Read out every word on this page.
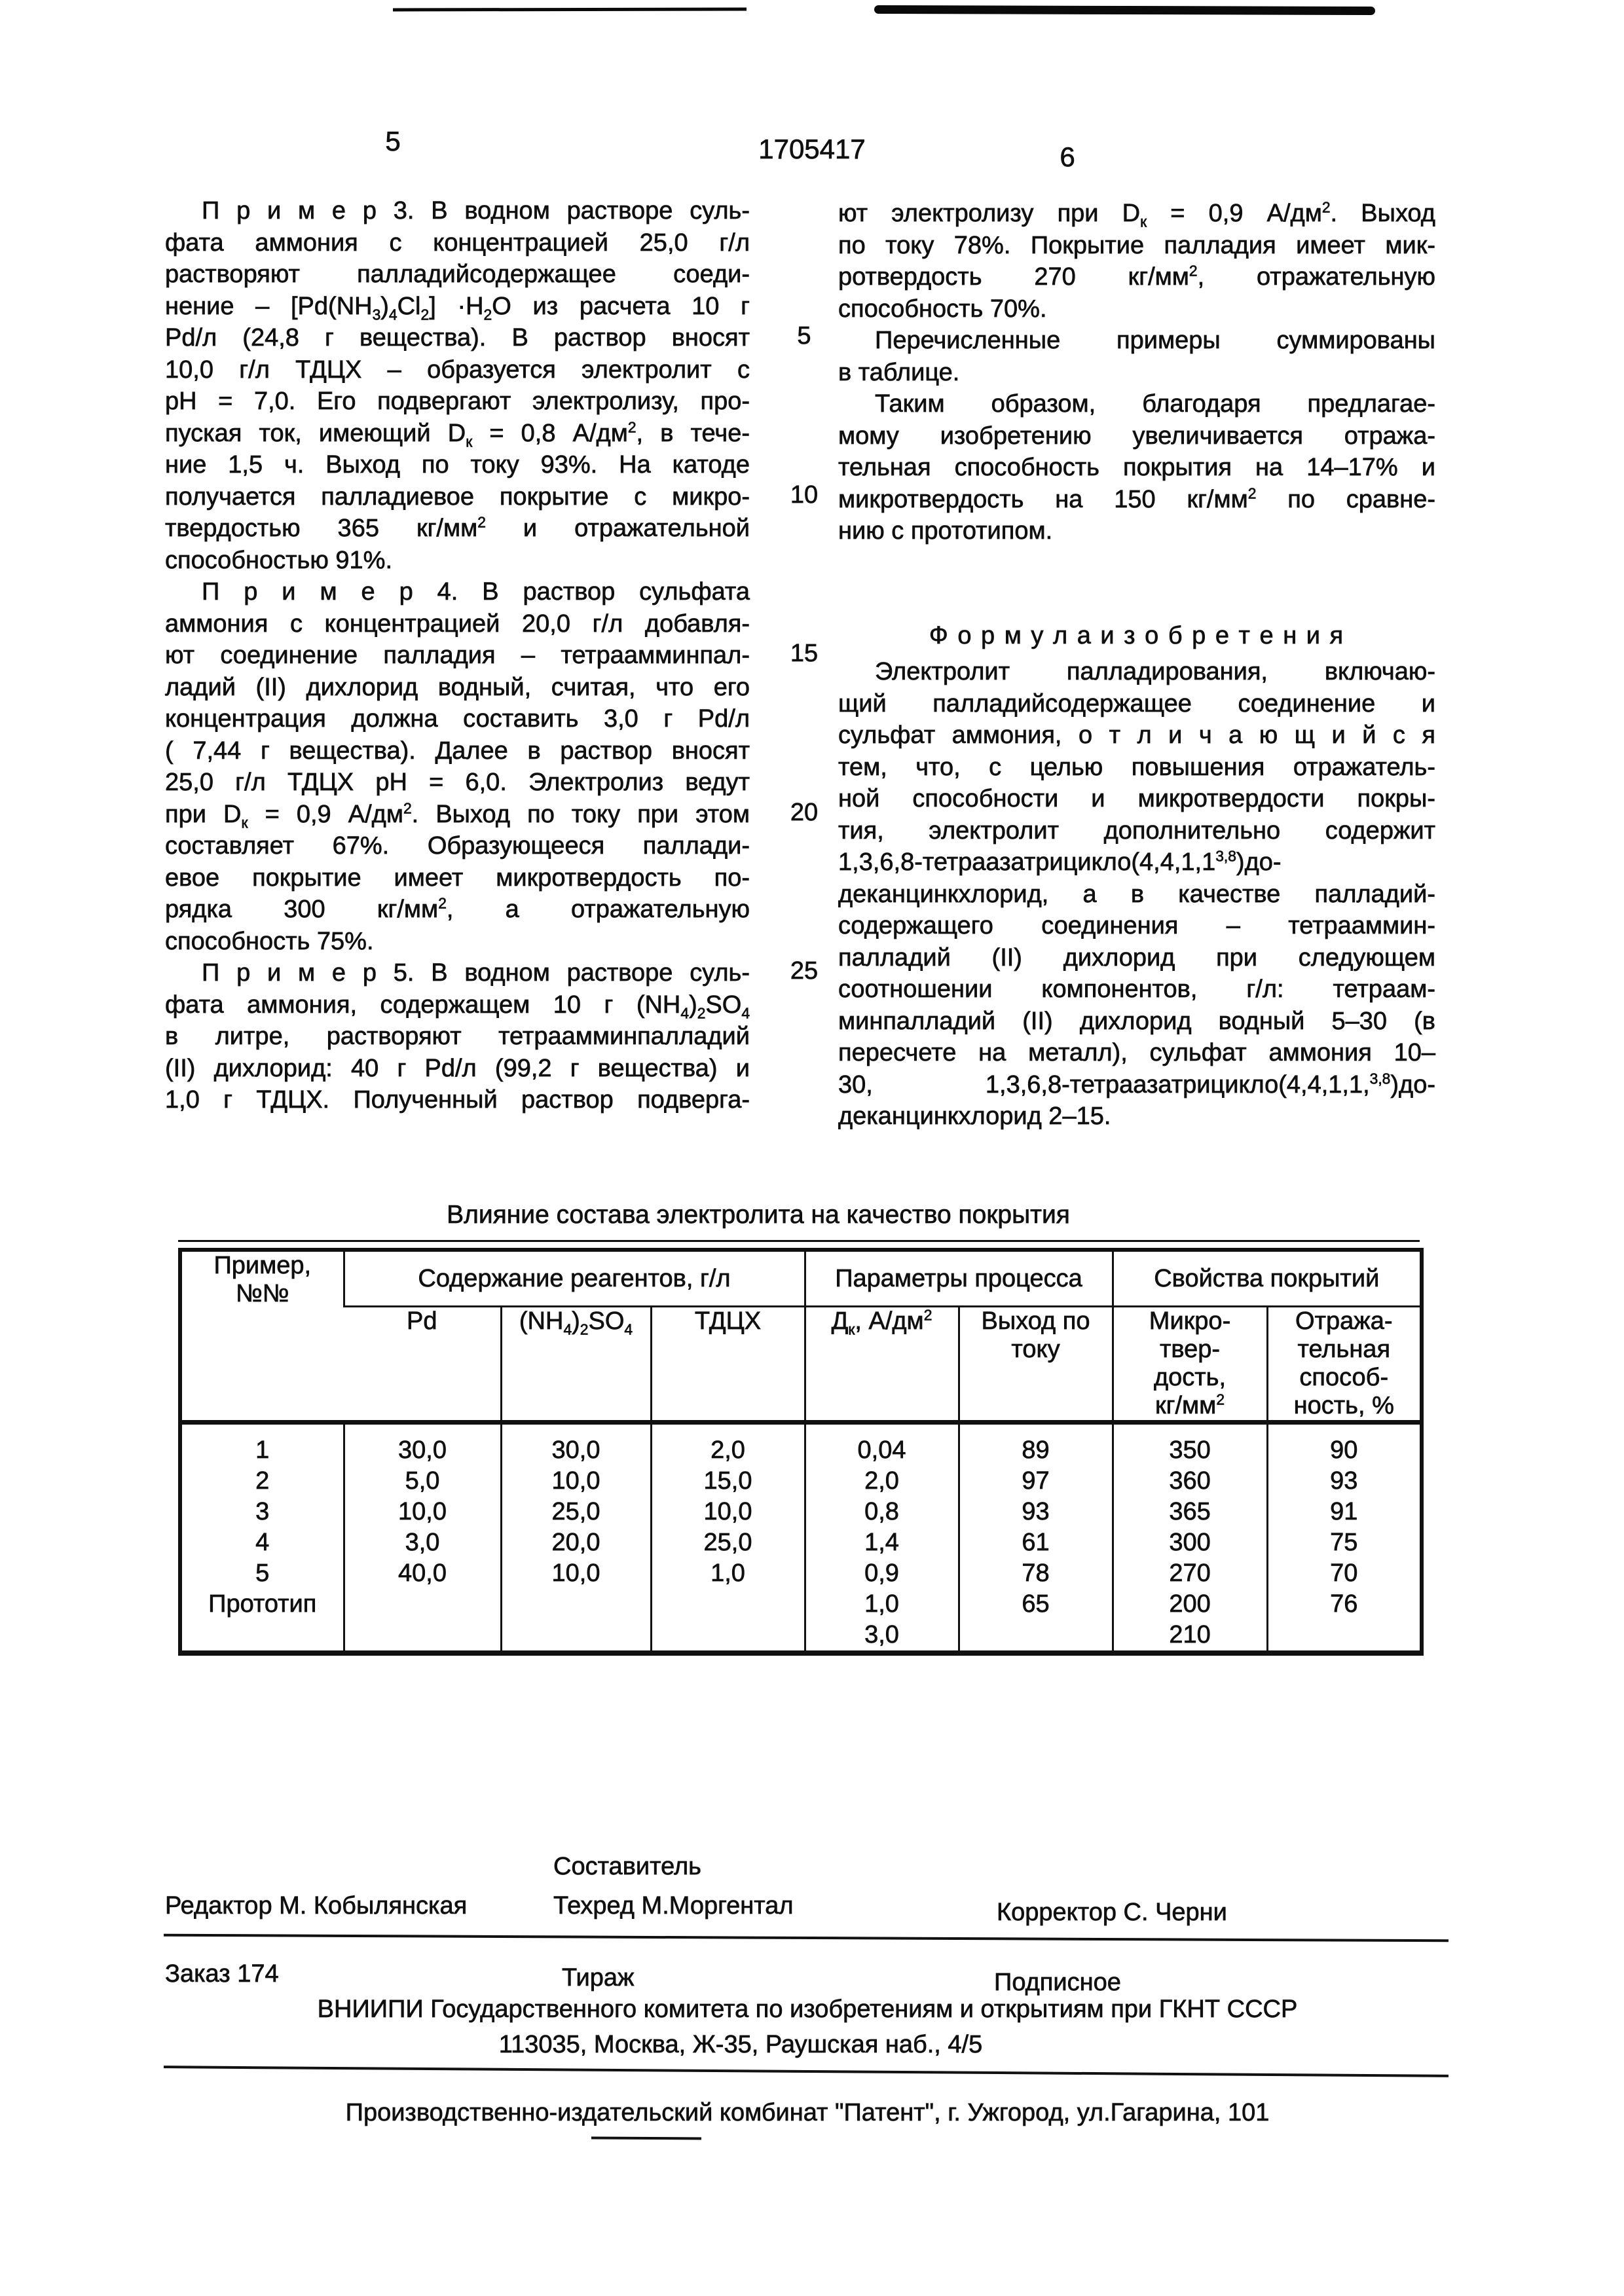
5	1705417	6
5
10
15
20
25
П р и м е р 3. В водном растворе суль-
фата аммония с концентрацией 25,0 г/л
растворяют палладийсодержащее соеди-
нение – $[Pd(NH_3)_4Cl_2] \cdot H_2O$ из расчета 10 г
Pd/л (24,8 г вещества). В раствор вносят
10,0 г/л ТДЦХ – образуется электролит с
pH = 7,0. Его подвергают электролизу, про-
пуская ток, имеющий $D_к = 0,8$ $А/дм^2$, в тече-
ние 1,5 ч. Выход по току 93%. На катоде
получается палладиевое покрытие с микро-
твердостью 365 $кг/мм^2$ и отражательной
способностью 91%.
П р и м е р 4. В раствор сульфата
аммония с концентрацией 20,0 г/л добавля-
ют соединение палладия – тетраамминпал-
ладий (II) дихлорид водный, считая, что его
концентрация должна составить 3,0 г Pd/л
( 7,44 г вещества). Далее в раствор вносят
25,0 г/л ТДЦХ pH = 6,0. Электролиз ведут
при $D_к = 0,9$ $А/дм^2$. Выход по току при этом
составляет 67%. Образующееся паллади-
евое покрытие имеет микротвердость по-
рядка 300 $кг/мм^2$, а отражательную
способность 75%.
П р и м е р 5. В водном растворе суль-
фата аммония, содержащем 10 г $(NH_4)_2SO_4$
в литре, растворяют тетраамминпалладий
(II) дихлорид: 40 г Pd/л (99,2 г вещества) и
1,0 г ТДЦХ. Полученный раствор подверга-
ют электролизу при $D_к = 0,9$ $А/дм^2$. Выход
по току 78%. Покрытие палладия имеет мик-
ротвердость 270 $кг/мм^2$, отражательную
способность 70%.
Перечисленные примеры суммированы
в таблице.
Таким образом, благодаря предлагае-
мому изобретению увеличивается отража-
тельная способность покрытия на 14–17% и
микротвердость на 150 $кг/мм^2$ по сравне-
нию с прототипом.
Ф о р м у л а и з о б р е т е н и я
Электролит палладирования, включаю-
щий палладийсодержащее соединение и
сульфат аммония, о т л и ч а ю щ и й с я
тем, что, с целью повышения отражатель-
ной способности и микротвердости покры-
тия, электролит дополнительно содержит
1,3,6,8-тетраазатрицикло(4,4,1,1$^{3,8}$)до-
деканцинкхлорид, а в качестве палладий-
содержащего соединения – тетрааммин-
палладий (II) дихлорид при следующем
соотношении компонентов, г/л: тетраам-
минпалладий (II) дихлорид водный 5–30 (в
пересчете на металл), сульфат аммония 10–
30, 1,3,6,8-тетраазатрицикло(4,4,1,1,$^{3,8}$)до-
деканцинкхлорид 2–15.
Влияние состава электролита на качество покрытия
Пример,
№№	Содержание реагентов, г/л			Параметры процесса		Свойства покрытий	
	Pd	$(NH_4)_2SO_4$	ТДЦХ	$Д_к$, $А/дм^2$	Выход по
току	Микро-
твер-
дость,
$кг/мм^2$	Отража-
тельная
способ-
ность, %
1	30,0	30,0	2,0	0,04	89	350	90
2	5,0	10,0	15,0	2,0	97	360	93
3	10,0	25,0	10,0	0,8	93	365	91
4	3,0	20,0	25,0	1,4	61	300	75
5	40,0	10,0	1,0	0,9	78	270	70
Прототип				1,0	65	200	76
				3,0		210	
Составитель
Редактор М. Кобылянская	Техред М.Моргентал	Корректор С. Черни
Заказ 174	Тираж	Подписное
ВНИИПИ Государственного комитета по изобретениям и открытиям при ГКНТ СССР
113035, Москва, Ж-35, Раушская наб., 4/5
Производственно-издательский комбинат "Патент", г. Ужгород, ул.Гагарина, 101
